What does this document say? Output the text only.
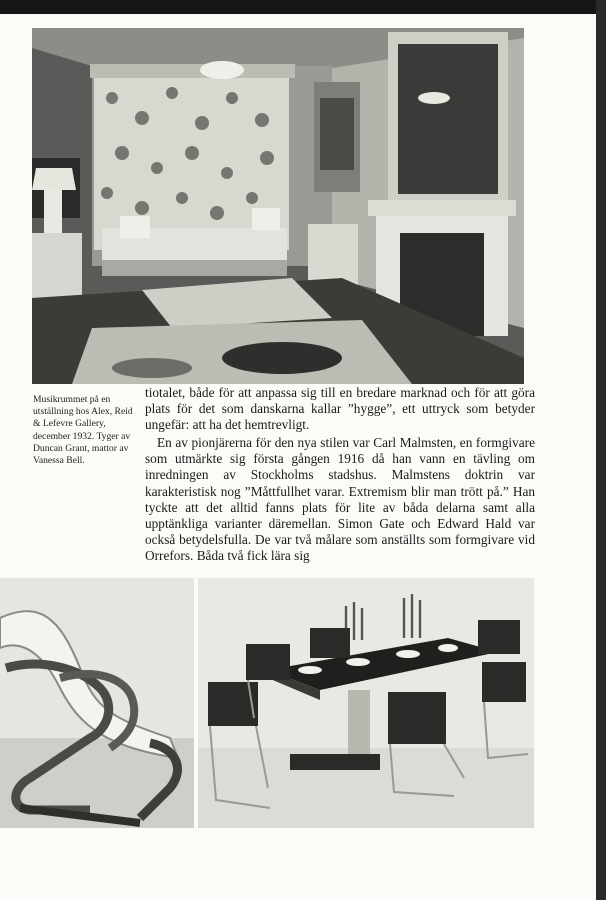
Musikrummet på en utställning hos Alex, Reid & Lefevre Gallery, december 1932. Tyger av Duncan Grant, mattor av Vanessa Bell.

tiotalet, både för att anpassa sig till en bredare marknad och för att göra plats för det som danskarna kallar ”hygge”, ett uttryck som betyder ungefär: att ha det hemtrevligt.

En av pionjärerna för den nya stilen var Carl Malmsten, en formgivare som utmärkte sig första gången 1916 då han vann en tävling om inredningen av Stockholms stadshus. Malmstens doktrin var karakteristisk nog ”Måttfullhet varar. Extremism blir man trött på.” Han tyckte att det alltid fanns plats för lite av båda delarna samt alla upptänkliga varianter däremellan. Simon Gate och Edward Hald var också betydelsfulla. De var två målare som anställts som formgivare vid Orrefors. Båda två fick lära sig
